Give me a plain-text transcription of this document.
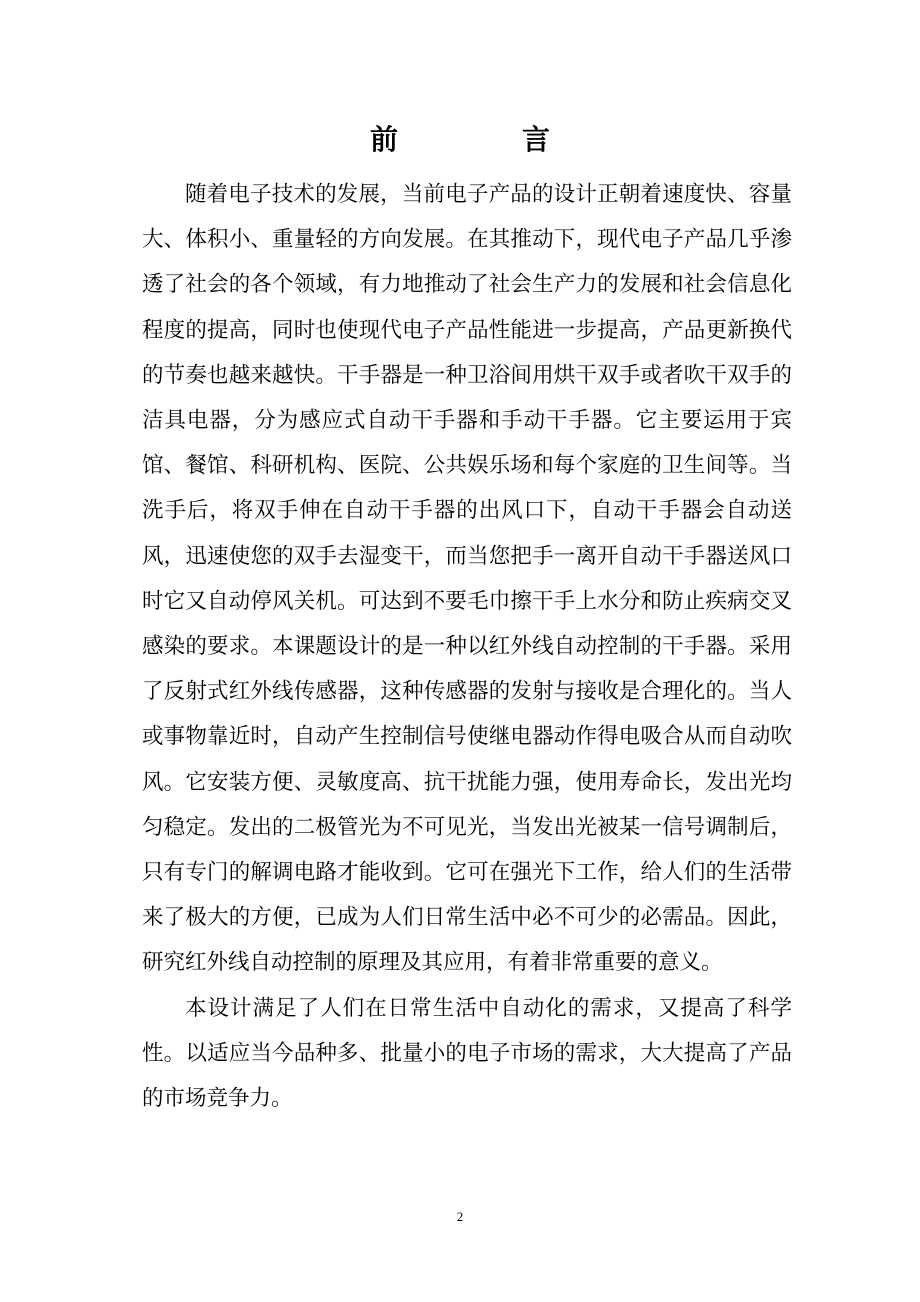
前　言

随着电子技术的发展，当前电子产品的设计正朝着速度快、容量大、体积小、重量轻的方向发展。在其推动下，现代电子产品几乎渗透了社会的各个领域，有力地推动了社会生产力的发展和社会信息化程度的提高，同时也使现代电子产品性能进一步提高，产品更新换代的节奏也越来越快。干手器是一种卫浴间用烘干双手或者吹干双手的洁具电器，分为感应式自动干手器和手动干手器。它主要运用于宾馆、餐馆、科研机构、医院、公共娱乐场和每个家庭的卫生间等。当洗手后，将双手伸在自动干手器的出风口下，自动干手器会自动送风，迅速使您的双手去湿变干，而当您把手一离开自动干手器送风口时它又自动停风关机。可达到不要毛巾擦干手上水分和防止疾病交叉感染的要求。本课题设计的是一种以红外线自动控制的干手器。采用了反射式红外线传感器，这种传感器的发射与接收是合理化的。当人或事物靠近时，自动产生控制信号使继电器动作得电吸合从而自动吹风。它安装方便、灵敏度高、抗干扰能力强，使用寿命长，发出光均匀稳定。发出的二极管光为不可见光，当发出光被某一信号调制后，只有专门的解调电路才能收到。它可在强光下工作，给人们的生活带来了极大的方便，已成为人们日常生活中必不可少的必需品。因此，研究红外线自动控制的原理及其应用，有着非常重要的意义。

本设计满足了人们在日常生活中自动化的需求，又提高了科学性。以适应当今品种多、批量小的电子市场的需求，大大提高了产品的市场竞争力。

2
